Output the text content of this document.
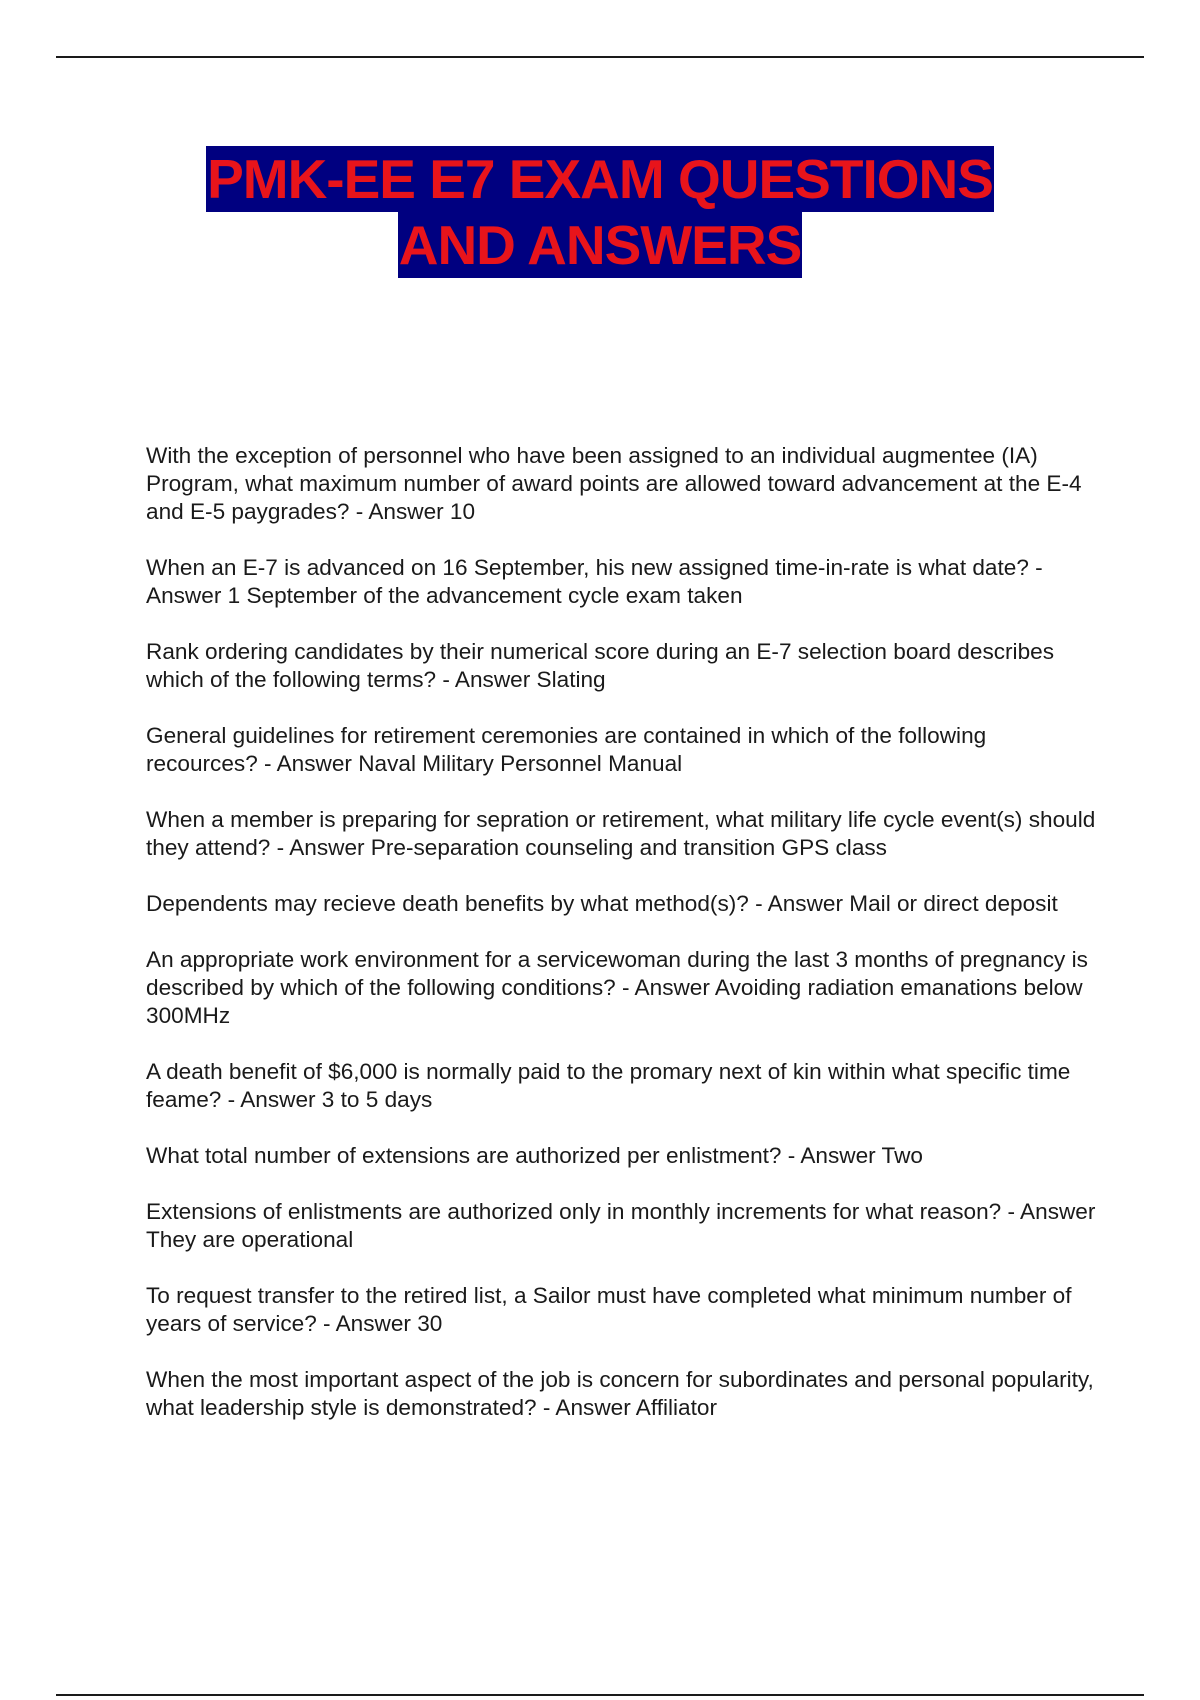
PMK-EE E7 EXAM QUESTIONS
AND ANSWERS

With the exception of personnel who have been assigned to an individual augmentee (IA) Program, what maximum number of award points are allowed toward advancement at the E-4 and E-5 paygrades? - Answer 10

When an E-7 is advanced on 16 September, his new assigned time-in-rate is what date? - Answer 1 September of the advancement cycle exam taken

Rank ordering candidates by their numerical score during an E-7 selection board describes which of the following terms? - Answer Slating

General guidelines for retirement ceremonies are contained in which of the following recources? - Answer Naval Military Personnel Manual

When a member is preparing for sepration or retirement, what military life cycle event(s) should they attend? - Answer Pre-separation counseling and transition GPS class

Dependents may recieve death benefits by what method(s)? - Answer Mail or direct deposit

An appropriate work environment for a servicewoman during the last 3 months of pregnancy is described by which of the following conditions? - Answer Avoiding radiation emanations below 300MHz

A death benefit of $6,000 is normally paid to the promary next of kin within what specific time feame? - Answer 3 to 5 days

What total number of extensions are authorized per enlistment? - Answer Two

Extensions of enlistments are authorized only in monthly increments for what reason? - Answer They are operational

To request transfer to the retired list, a Sailor must have completed what minimum number of years of service? - Answer 30

When the most important aspect of the job is concern for subordinates and personal popularity, what leadership style is demonstrated? - Answer Affiliator
